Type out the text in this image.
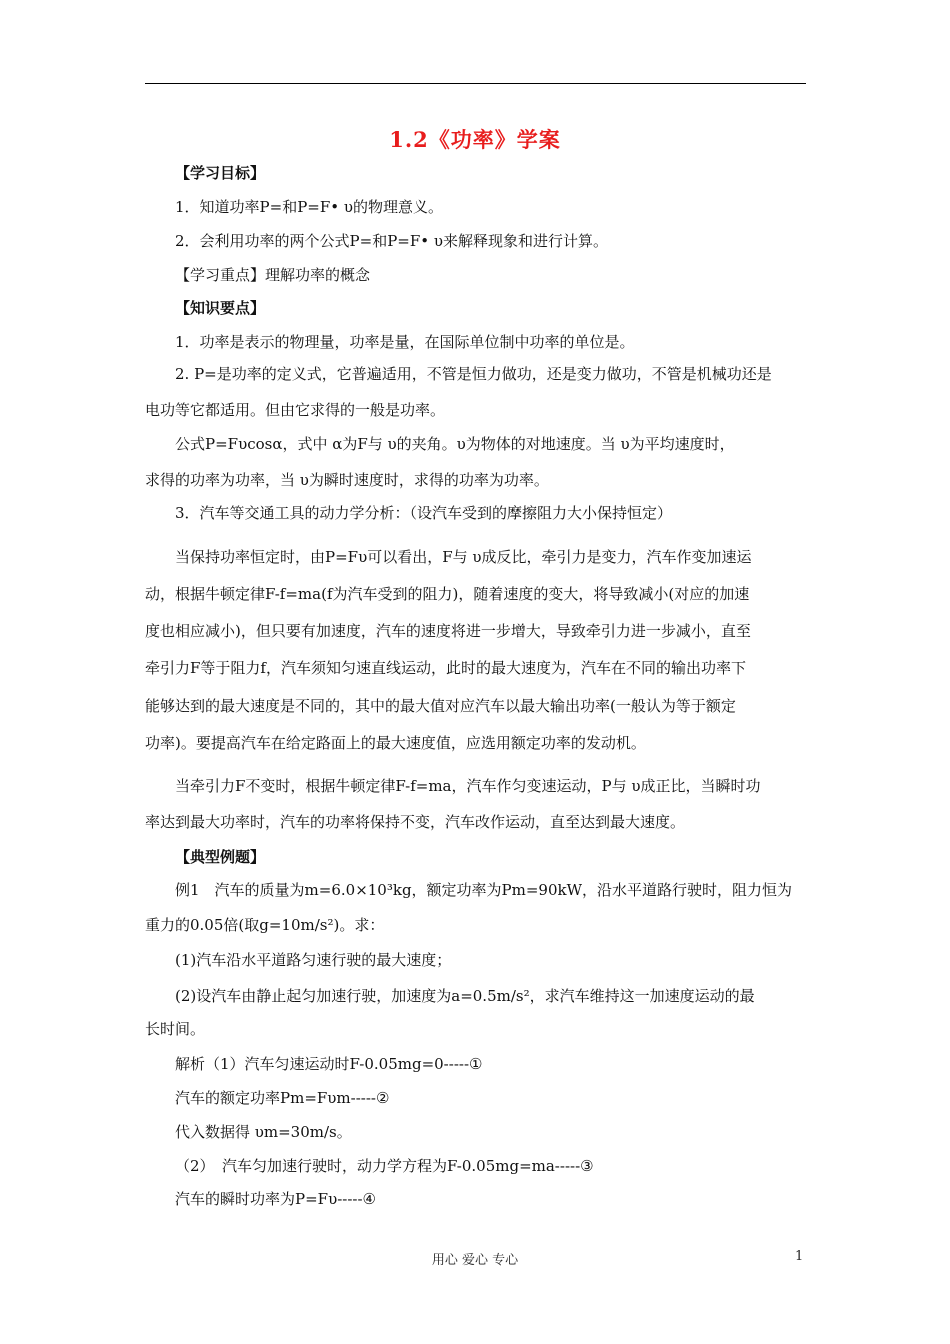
1.2《功率》学案
【学习目标】
1．知道功率P=和P=F• υ的物理意义。
2．会利用功率的两个公式P=和P=F• υ来解释现象和进行计算。
【学习重点】理解功率的概念
【知识要点】
1．功率是表示的物理量，功率是量，在国际单位制中功率的单位是。
2. P=是功率的定义式，它普遍适用，不管是恒力做功，还是变力做功，不管是机械功还是
电功等它都适用。但由它求得的一般是功率。
公式P=Fυcosα，式中 α为F与 υ的夹角。υ为物体的对地速度。当 υ为平均速度时，
求得的功率为功率，当 υ为瞬时速度时，求得的功率为功率。
3．汽车等交通工具的动力学分析：（设汽车受到的摩擦阻力大小保持恒定）
当保持功率恒定时，由P=Fυ可以看出，F与 υ成反比，牵引力是变力，汽车作变加速运
动，根据牛顿定律F-f=ma(f为汽车受到的阻力)，随着速度的变大，将导致减小(对应的加速
度也相应减小)，但只要有加速度，汽车的速度将进一步增大，导致牵引力进一步减小，直至
牵引力F等于阻力f，汽车须知匀速直线运动，此时的最大速度为，汽车在不同的输出功率下
能够达到的最大速度是不同的，其中的最大值对应汽车以最大输出功率(一般认为等于额定
功率)。要提高汽车在给定路面上的最大速度值，应选用额定功率的发动机。
当牵引力F不变时，根据牛顿定律F-f=ma，汽车作匀变速运动，P与 υ成正比，当瞬时功
率达到最大功率时，汽车的功率将保持不变，汽车改作运动，直至达到最大速度。
【典型例题】
例1　汽车的质量为m=6.0×10³kg，额定功率为Pm=90kW，沿水平道路行驶时，阻力恒为
重力的0.05倍(取g=10m/s²)。求：
(1)汽车沿水平道路匀速行驶的最大速度；
(2)设汽车由静止起匀加速行驶，加速度为a=0.5m/s²，求汽车维持这一加速度运动的最
长时间。
解析（1）汽车匀速运动时F-0.05mg=0-----①
汽车的额定功率Pm=Fυm-----②
代入数据得 υm=30m/s。
（2）　汽车匀加速行驶时，动力学方程为F-0.05mg=ma-----③
汽车的瞬时功率为P=Fυ-----④
用心 爱心 专心	1
